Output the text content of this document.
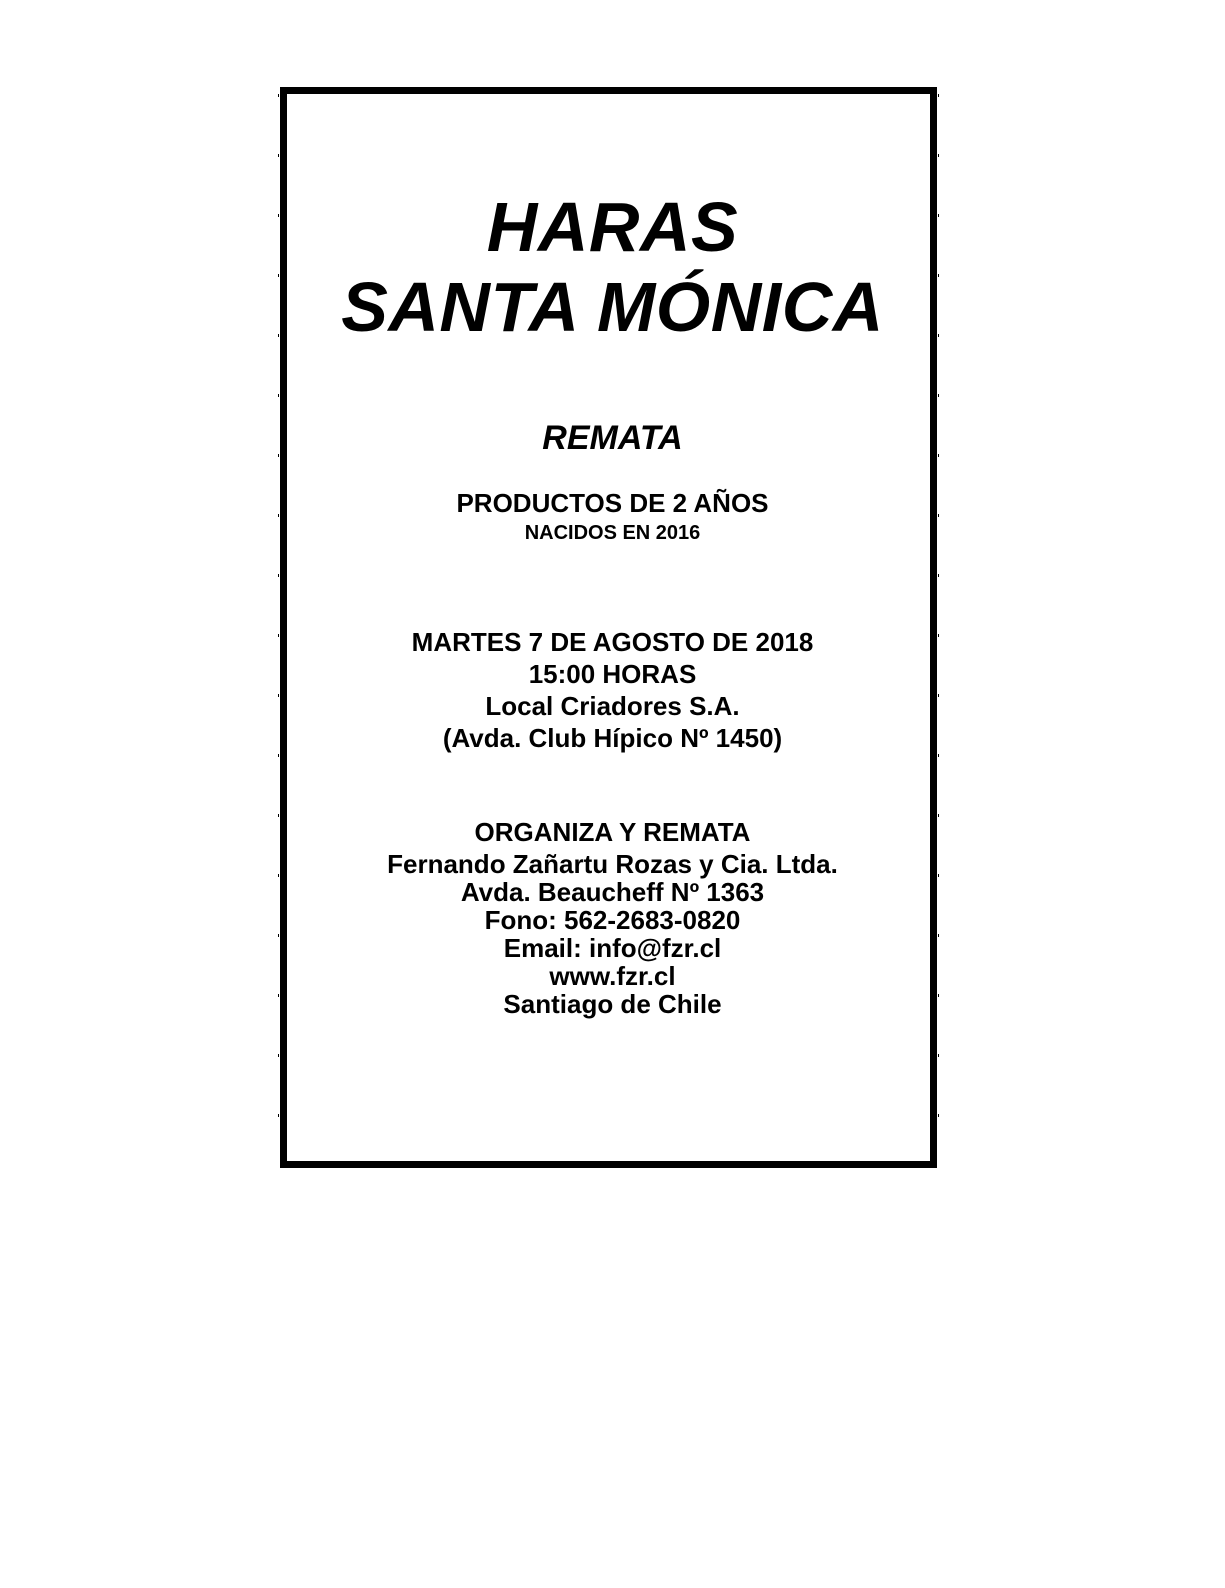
HARAS

SANTA MÓNICA

REMATA

PRODUCTOS DE 2 AÑOS

NACIDOS EN 2016

MARTES 7 DE AGOSTO DE 2018

15:00 HORAS

Local Criadores S.A.

(Avda. Club Hípico Nº 1450)

ORGANIZA Y REMATA

Fernando Zañartu Rozas y Cia. Ltda.

Avda. Beaucheff Nº 1363

Fono: 562-2683-0820

Email: info@fzr.cl

www.fzr.cl

Santiago de Chile
